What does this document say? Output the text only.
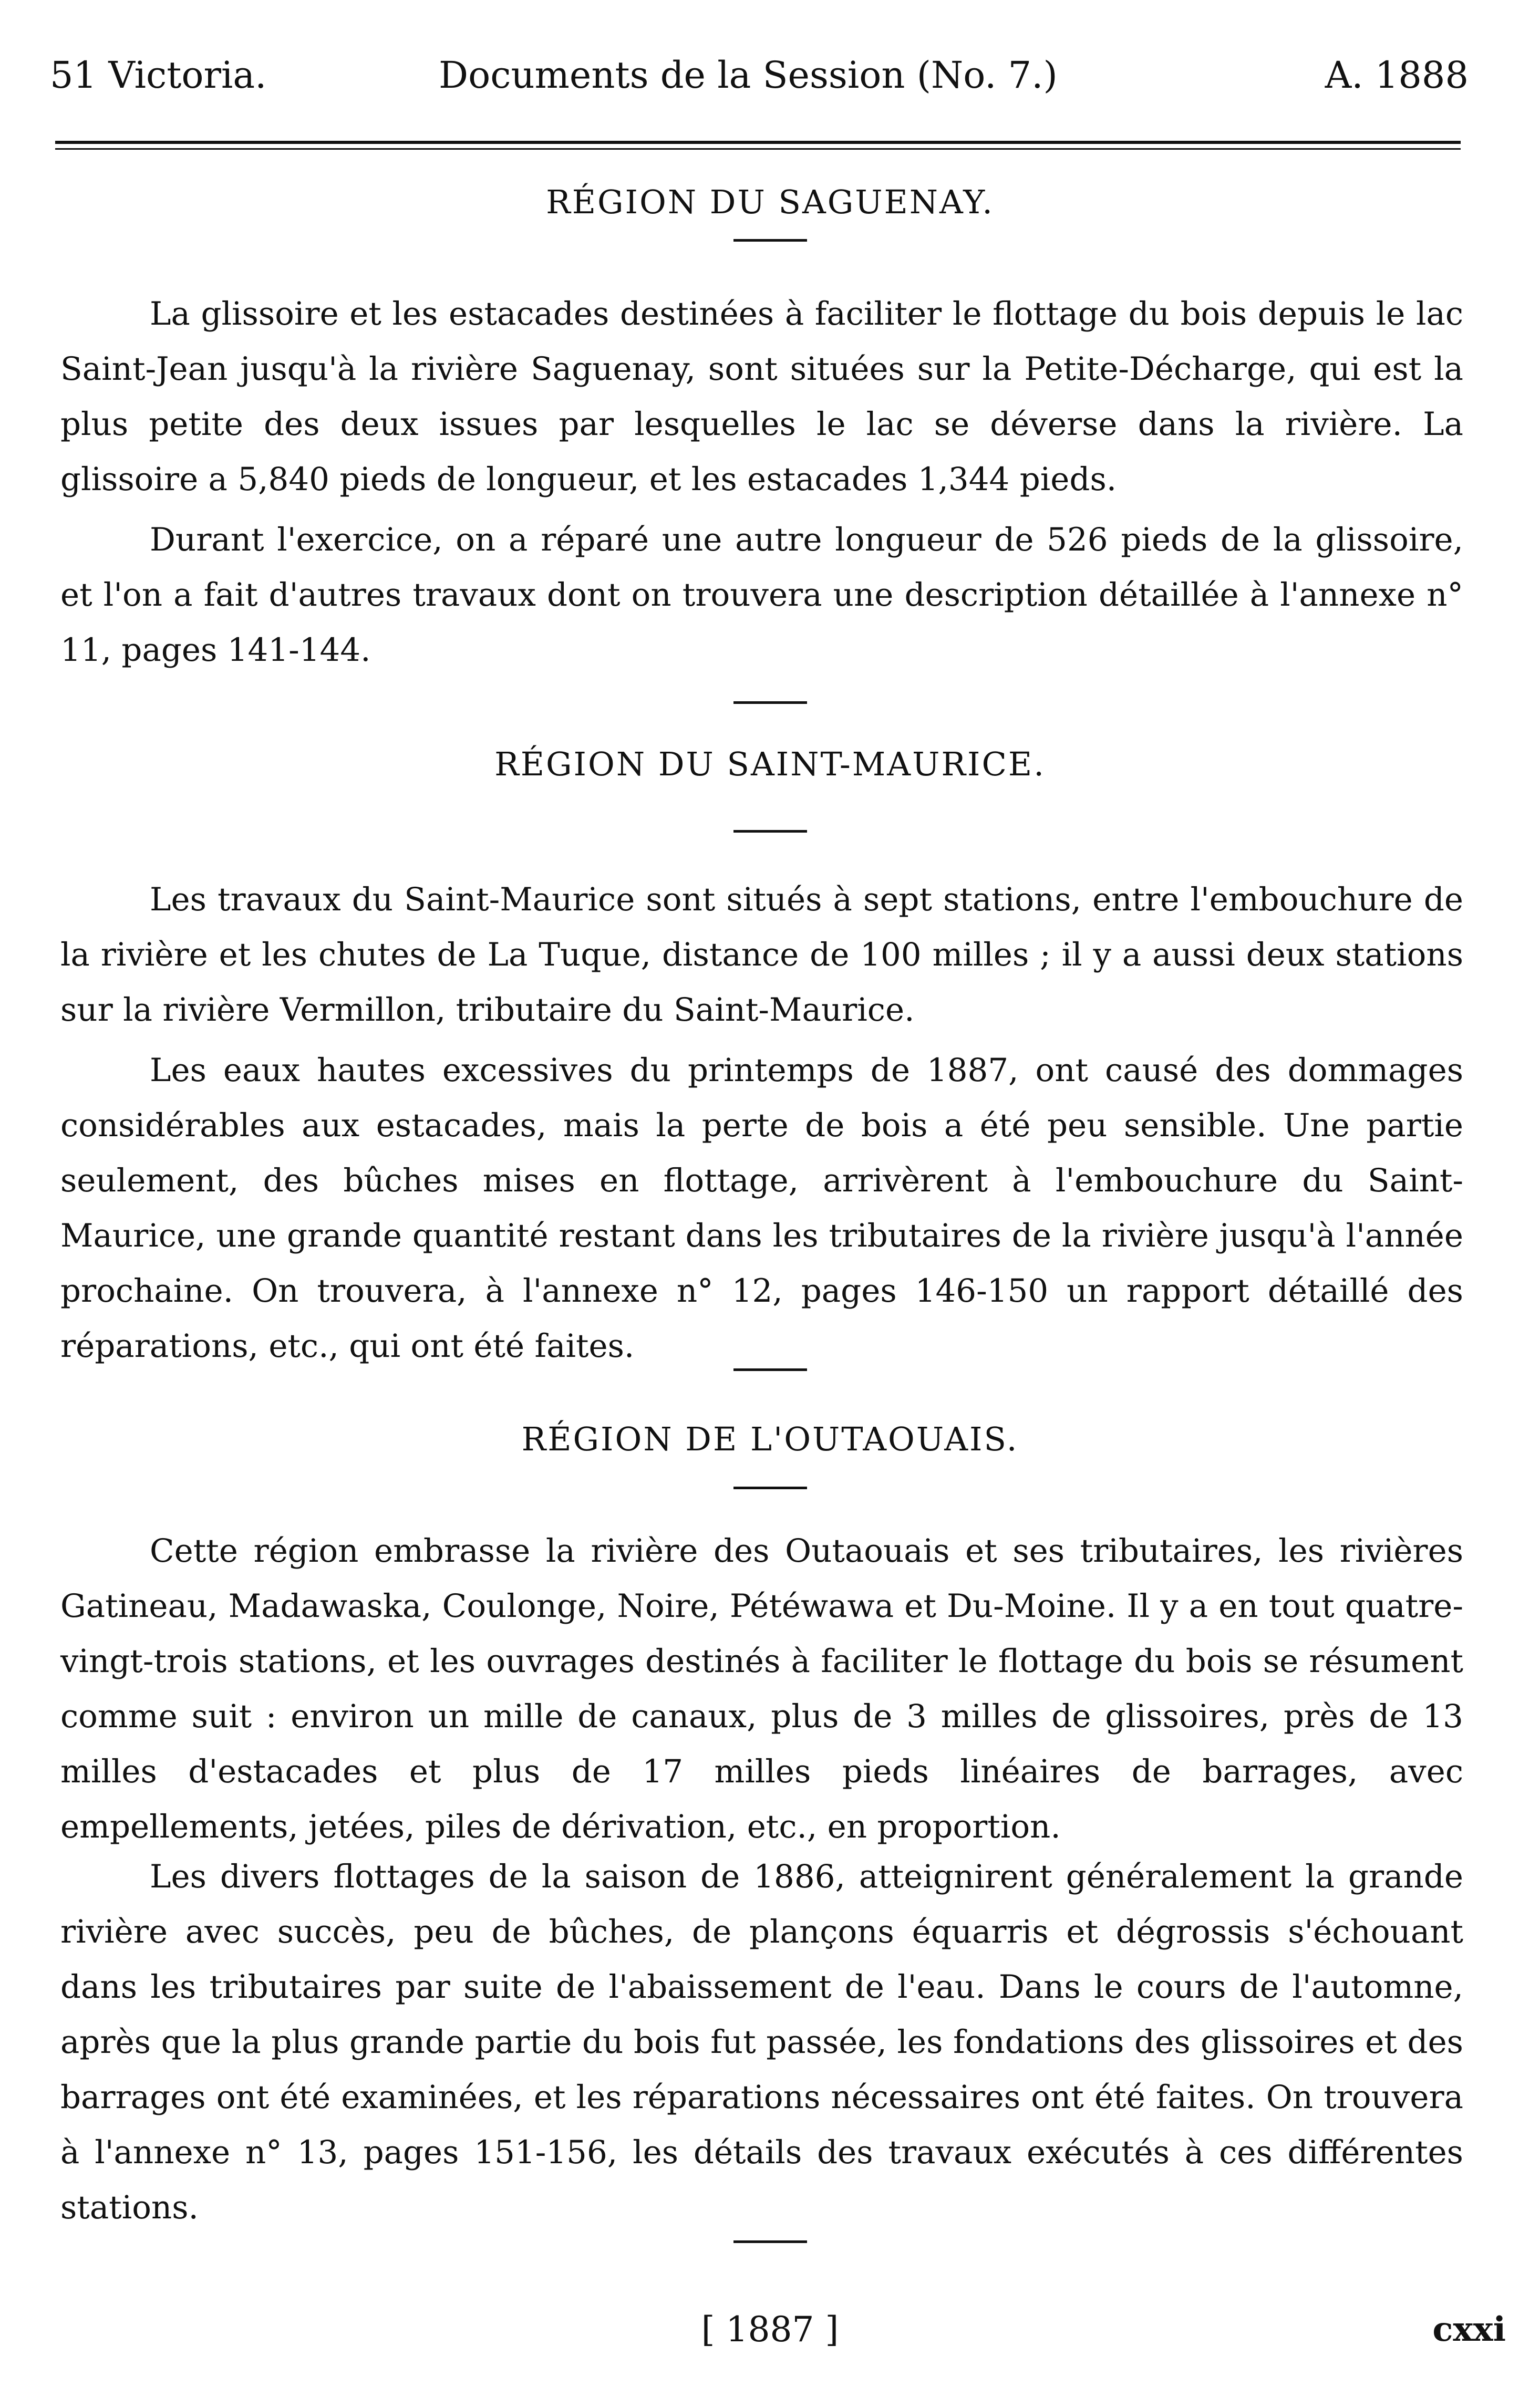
51 Victoria.	Documents de la Session (No. 7.)	A. 1888
RÉGION DU SAGUENAY.

La glissoire et les estacades destinées à faciliter le flottage du bois depuis le lac Saint-Jean jusqu'à la rivière Saguenay, sont situées sur la Petite-Décharge, qui est la plus petite des deux issues par lesquelles le lac se déverse dans la rivière. La glissoire a 5,840 pieds de longueur, et les estacades 1,344 pieds.

Durant l'exercice, on a réparé une autre longueur de 526 pieds de la glissoire, et l'on a fait d'autres travaux dont on trouvera une description détaillée à l'annexe n° 11, pages 141-144.

RÉGION DU SAINT-MAURICE.

Les travaux du Saint-Maurice sont situés à sept stations, entre l'embouchure de la rivière et les chutes de La Tuque, distance de 100 milles ; il y a aussi deux stations sur la rivière Vermillon, tributaire du Saint-Maurice.

Les eaux hautes excessives du printemps de 1887, ont causé des dommages considérables aux estacades, mais la perte de bois a été peu sensible. Une partie seulement, des bûches mises en flottage, arrivèrent à l'embouchure du Saint-Maurice, une grande quantité restant dans les tributaires de la rivière jusqu'à l'année prochaine. On trouvera, à l'annexe n° 12, pages 146-150 un rapport détaillé des réparations, etc., qui ont été faites.

RÉGION DE L'OUTAOUAIS.

Cette région embrasse la rivière des Outaouais et ses tributaires, les rivières Gatineau, Madawaska, Coulonge, Noire, Pétéwawa et Du-Moine. Il y a en tout quatre-vingt-trois stations, et les ouvrages destinés à faciliter le flottage du bois se résument comme suit : environ un mille de canaux, plus de 3 milles de glissoires, près de 13 milles d'estacades et plus de 17 milles pieds linéaires de barrages, avec empellements, jetées, piles de dérivation, etc., en proportion.

Les divers flottages de la saison de 1886, atteignirent généralement la grande rivière avec succès, peu de bûches, de plançons équarris et dégrossis s'échouant dans les tributaires par suite de l'abaissement de l'eau. Dans le cours de l'automne, après que la plus grande partie du bois fut passée, les fondations des glissoires et des barrages ont été examinées, et les réparations nécessaires ont été faites. On trouvera à l'annexe n° 13, pages 151-156, les détails des travaux exécutés à ces différentes stations.

[ 1887 ]	cxxi
